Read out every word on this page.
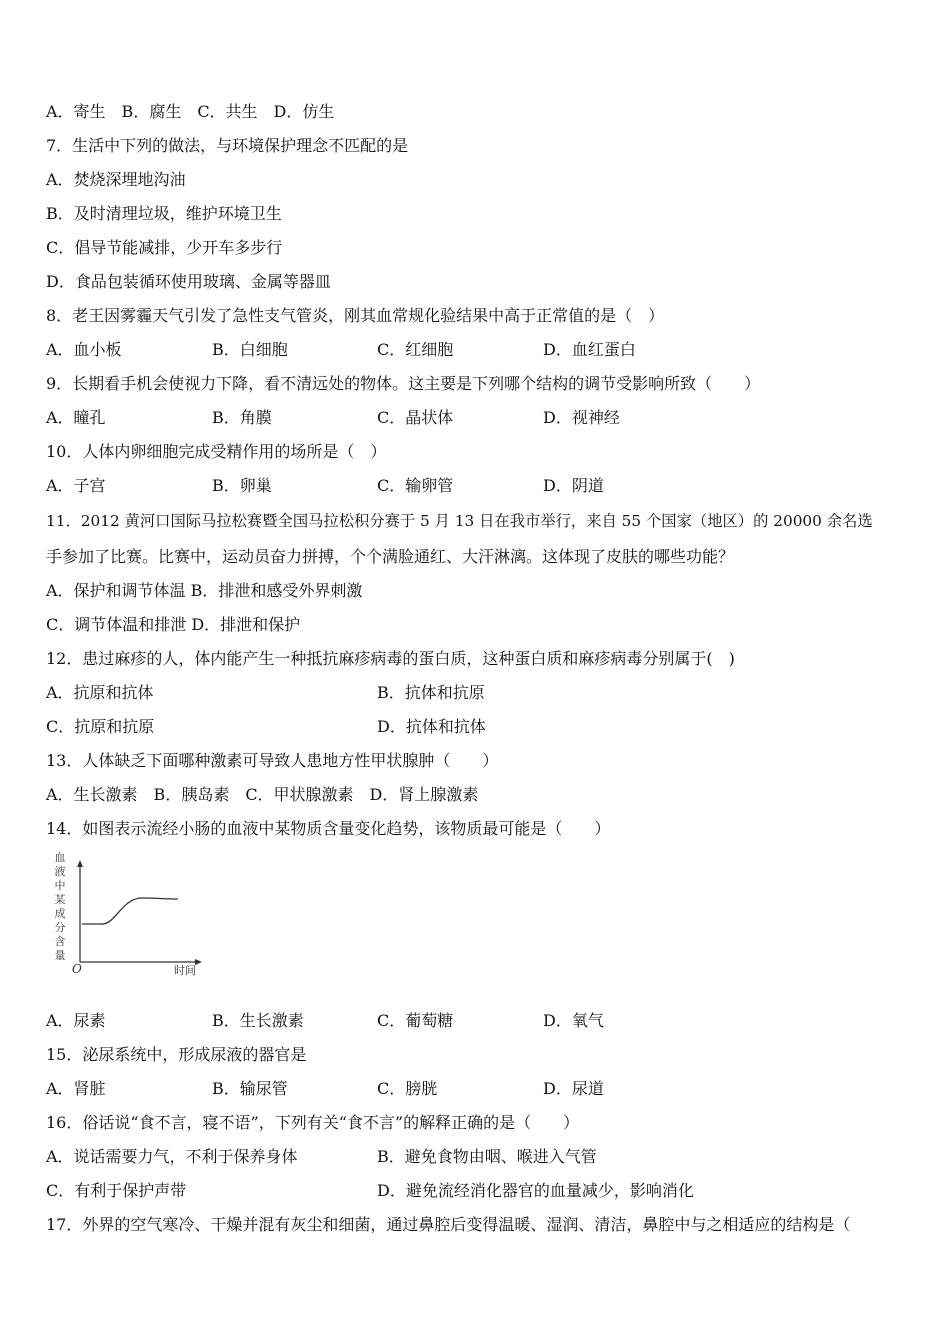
A．寄生　B．腐生　C．共生　D．仿生
7．生活中下列的做法，与环境保护理念不匹配的是
A．焚烧深埋地沟油
B．及时清理垃圾，维护环境卫生
C．倡导节能减排，少开车多步行
D．食品包装循环使用玻璃、金属等器皿
8．老王因雾霾天气引发了急性支气管炎，刚其血常规化验结果中高于正常值的是（　）
A．血小板	B．白细胞	C．红细胞	D．血红蛋白
9．长期看手机会使视力下降，看不清远处的物体。这主要是下列哪个结构的调节受影响所致（　　）
A．瞳孔	B．角膜	C．晶状体	D．视神经
10．人体内卵细胞完成受精作用的场所是（　）
A．子宫	B．卵巢	C．输卵管	D．阴道
11．2012 黄河口国际马拉松赛暨全国马拉松积分赛于 5 月 13 日在我市举行，来自 55 个国家（地区）的 20000 余名选
手参加了比赛。比赛中，运动员奋力拼搏，个个满脸通红、大汗淋漓。这体现了皮肤的哪些功能？
A．保护和调节体温 B．排泄和感受外界刺激
C．调节体温和排泄 D．排泄和保护
12．患过麻疹的人，体内能产生一种抵抗麻疹病毒的蛋白质，这种蛋白质和麻疹病毒分别属于(　)
A．抗原和抗体	B．抗体和抗原
C．抗原和抗原	D．抗体和抗体
13．人体缺乏下面哪种激素可导致人患地方性甲状腺肿（　　）
A．生长激素　B．胰岛素　C．甲状腺激素　D．肾上腺激素
14．如图表示流经小肠的血液中某物质含量变化趋势，该物质最可能是（　　）
血
液
中
某
成
分
含
量
O	时间
A．尿素	B．生长激素	C．葡萄糖	D．氧气
15．泌尿系统中，形成尿液的器官是
A．肾脏	B．输尿管	C．膀胱	D．尿道
16．俗话说“食不言，寝不语”，下列有关“食不言”的解释正确的是（　　）
A．说话需要力气，不利于保养身体	B．避免食物由咽、喉进入气管
C．有利于保护声带	D．避免流经消化器官的血量减少，影响消化
17．外界的空气寒冷、干燥并混有灰尘和细菌，通过鼻腔后变得温暖、湿润、清洁，鼻腔中与之相适应的结构是（
